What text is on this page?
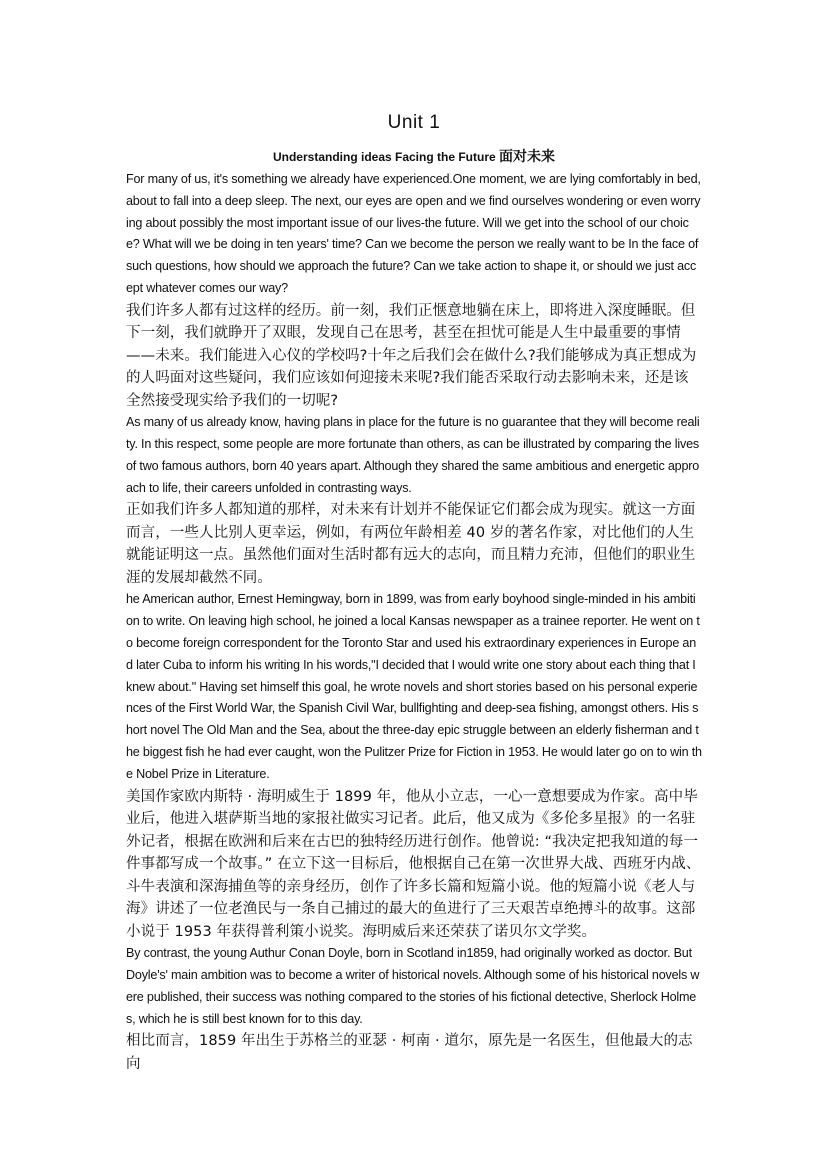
Unit 1
Understanding ideas Facing the Future 面对未来

For many of us, it's something we already have experienced.One moment, we are lying comfortably in bed, about to fall into a deep sleep. The next, our eyes are open and we find ourselves wondering or even worrying about possibly the most important issue of our lives-the future. Will we get into the school of our choice? What will we be doing in ten years' time? Can we become the person we really want to be In the face of such questions, how should we approach the future? Can we take action to shape it, or should we just accept whatever comes our way?

我们许多人都有过这样的经历。前一刻，我们正惬意地躺在床上，即将进入深度睡眠。但下一刻，我们就睁开了双眼，发现自己在思考，甚至在担忧可能是人生中最重要的事情——未来。我们能进入心仪的学校吗?十年之后我们会在做什么?我们能够成为真正想成为的人吗面对这些疑问，我们应该如何迎接未来呢?我们能否采取行动去影响未来，还是该全然接受现实给予我们的一切呢?

As many of us already know, having plans in place for the future is no guarantee that they will become reality. In this respect, some people are more fortunate than others, as can be illustrated by comparing the lives of two famous authors, born 40 years apart. Although they shared the same ambitious and energetic approach to life, their careers unfolded in contrasting ways.

正如我们许多人都知道的那样，对未来有计划并不能保证它们都会成为现实。就这一方面而言，一些人比别人更幸运，例如，有两位年龄相差 40 岁的著名作家，对比他们的人生就能证明这一点。虽然他们面对生活时都有远大的志向，而且精力充沛，但他们的职业生涯的发展却截然不同。

he American author, Ernest Hemingway, born in 1899, was from early boyhood single-minded in his ambition to write. On leaving high school, he joined a local Kansas newspaper as a trainee reporter. He went on to become foreign correspondent for the Toronto Star and used his extraordinary experiences in Europe and later Cuba to inform his writing In his words,"I decided that I would write one story about each thing that I knew about." Having set himself this goal, he wrote novels and short stories based on his personal experiences of the First World War, the Spanish Civil War, bullfighting and deep-sea fishing, amongst others. His short novel The Old Man and the Sea, about the three-day epic struggle between an elderly fisherman and the biggest fish he had ever caught, won the Pulitzer Prize for Fiction in 1953. He would later go on to win the Nobel Prize in Literature.

美国作家欧内斯特 · 海明威生于 1899 年，他从小立志，一心一意想要成为作家。高中毕业后，他进入堪萨斯当地的家报社做实习记者。此后，他又成为《多伦多星报》的一名驻外记者，根据在欧洲和后来在古巴的独特经历进行创作。他曾说: “我决定把我知道的每一件事都写成一个故事。” 在立下这一目标后，他根据自己在第一次世界大战、西班牙内战、斗牛表演和深海捕鱼等的亲身经历，创作了许多长篇和短篇小说。他的短篇小说《老人与海》讲述了一位老渔民与一条自己捕过的最大的鱼进行了三天艰苦卓绝搏斗的故事。这部小说于 1953 年获得普利策小说奖。海明威后来还荣获了诺贝尔文学奖。

By contrast, the young Authur Conan Doyle, born in Scotland in1859, had originally worked as doctor. But Doyle's' main ambition was to become a writer of historical novels. Although some of his historical novels were published, their success was nothing compared to the stories of his fictional detective, Sherlock Holmes, which he is still best known for to this day.

相比而言，1859 年出生于苏格兰的亚瑟 · 柯南 · 道尔，原先是一名医生，但他最大的志向
